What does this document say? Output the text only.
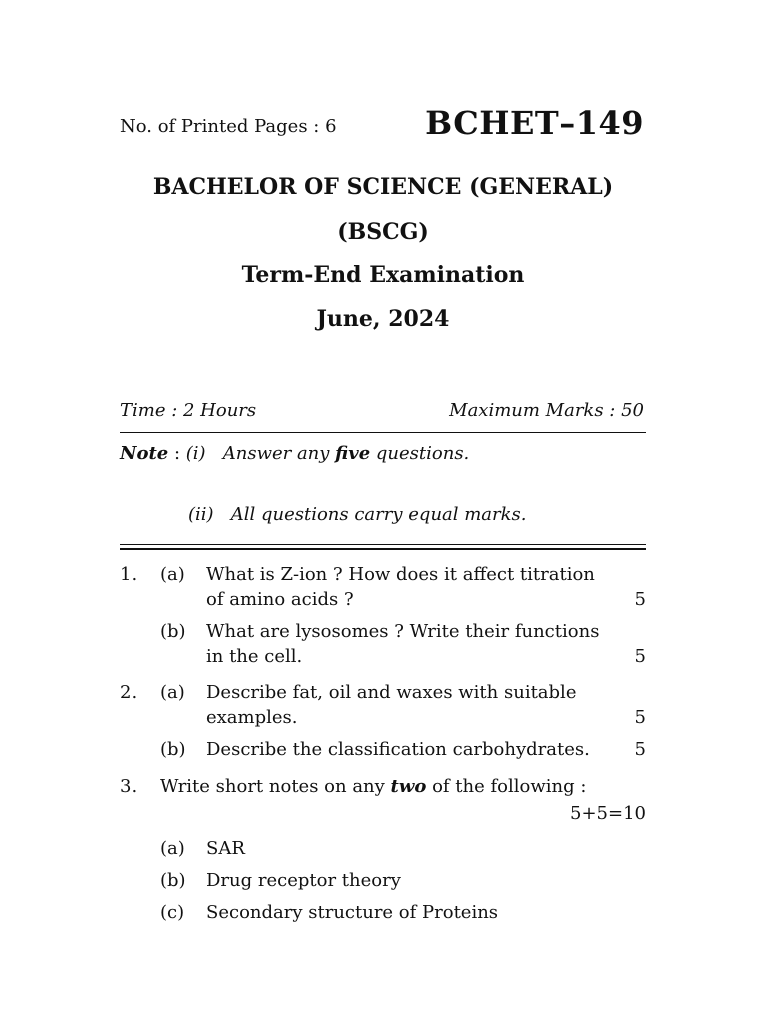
No. of Printed Pages : 6	BCHET–149
BACHELOR OF SCIENCE (GENERAL)
(BSCG)
Term-End Examination
June, 2024
Time : 2 Hours	Maximum Marks : 50
Note : (i) Answer any five questions.
(ii) All questions carry equal marks.
1.	(a)	What is Z-ion ? How does it affect titration
of amino acids ?	5
(b)	What are lysosomes ? Write their functions
in the cell.	5
2.	(a)	Describe fat, oil and waxes with suitable
examples.	5
(b)	Describe the classification carbohydrates. 5
3.	Write short notes on any two of the following :
5+5=10
(a)	SAR
(b)	Drug receptor theory
(c)	Secondary structure of Proteins
